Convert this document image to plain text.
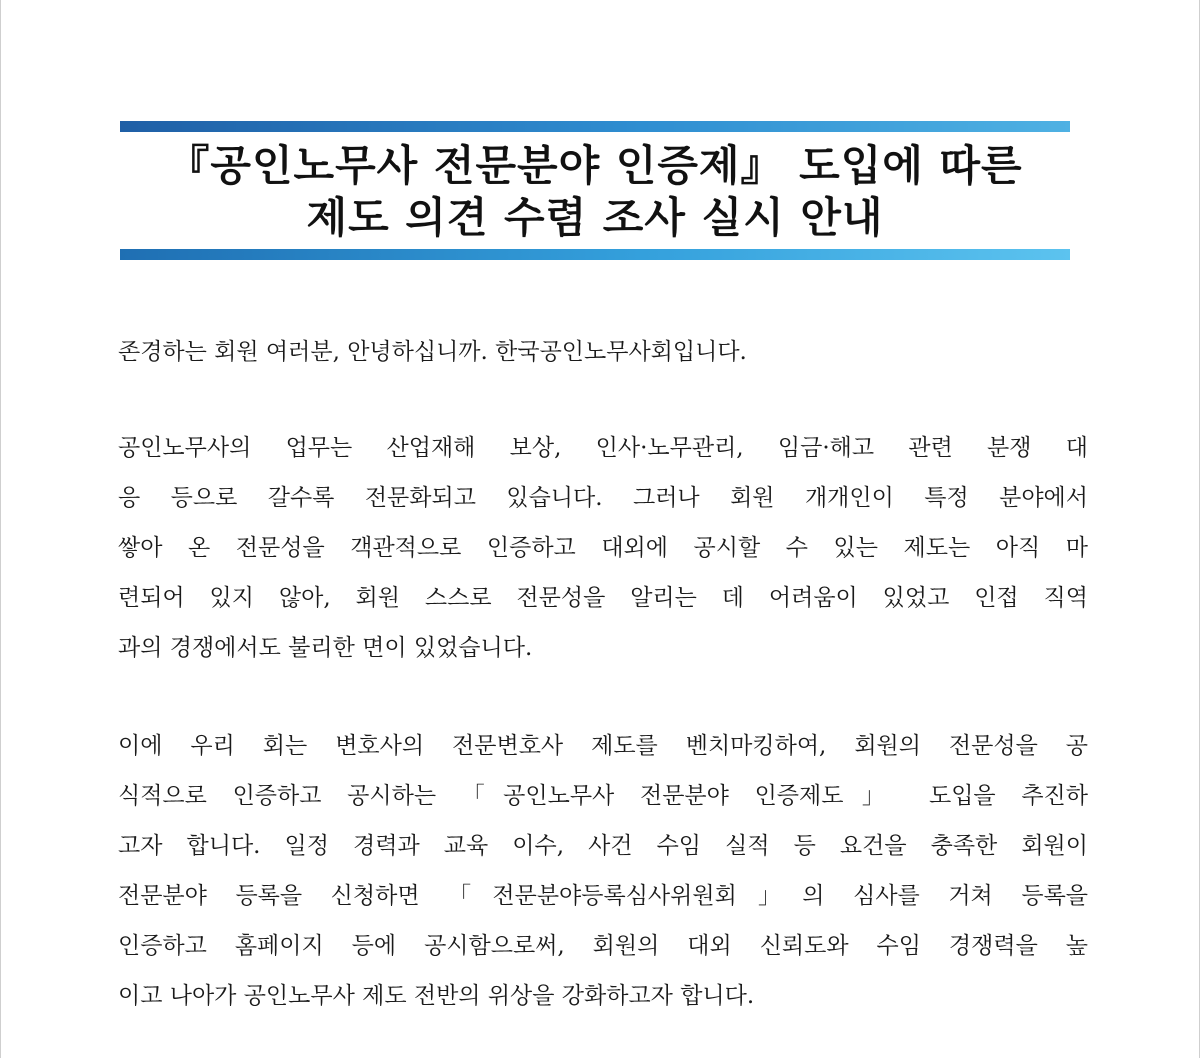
『공인노무사 전문분야 인증제』 도입에 따른
제도 의견 수렴 조사 실시 안내
존경하는 회원 여러분, 안녕하십니까. 한국공인노무사회입니다.
공인노무사의 업무는 산업재해 보상, 인사·노무관리, 임금·해고 관련 분쟁 대
응 등으로 갈수록 전문화되고 있습니다. 그러나 회원 개개인이 특정 분야에서
쌓아 온 전문성을 객관적으로 인증하고 대외에 공시할 수 있는 제도는 아직 마
련되어 있지 않아, 회원 스스로 전문성을 알리는 데 어려움이 있었고 인접 직역
과의 경쟁에서도 불리한 면이 있었습니다.
이에 우리 회는 변호사의 전문변호사 제도를 벤치마킹하여, 회원의 전문성을 공
식적으로 인증하고 공시하는 「공인노무사 전문분야 인증제도」 도입을 추진하
고자 합니다. 일정 경력과 교육 이수, 사건 수임 실적 등 요건을 충족한 회원이
전문분야 등록을 신청하면 「전문분야등록심사위원회」의 심사를 거쳐 등록을
인증하고 홈페이지 등에 공시함으로써, 회원의 대외 신뢰도와 수임 경쟁력을 높
이고 나아가 공인노무사 제도 전반의 위상을 강화하고자 합니다.
